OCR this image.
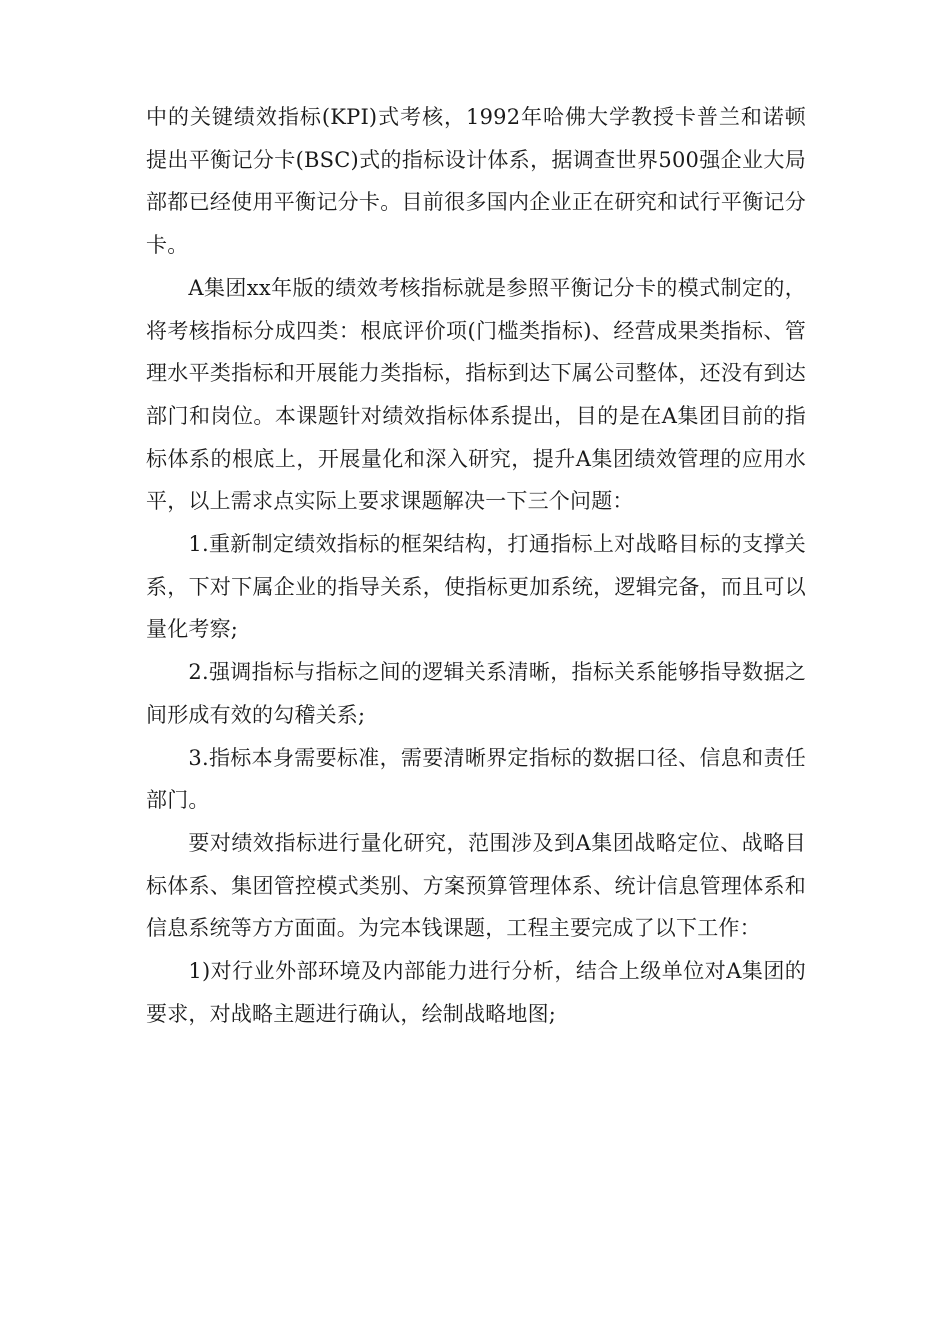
中的关键绩效指标(KPI)式考核，1992年哈佛大学教授卡普兰和诺顿提出平衡记分卡(BSC)式的指标设计体系，据调查世界500强企业大局部都已经使用平衡记分卡。目前很多国内企业正在研究和试行平衡记分卡。

A集团xx年版的绩效考核指标就是参照平衡记分卡的模式制定的，将考核指标分成四类：根底评价项(门槛类指标)、经营成果类指标、管理水平类指标和开展能力类指标，指标到达下属公司整体，还没有到达部门和岗位。本课题针对绩效指标体系提出，目的是在A集团目前的指标体系的根底上，开展量化和深入研究，提升A集团绩效管理的应用水平，以上需求点实际上要求课题解决一下三个问题：

1.重新制定绩效指标的框架结构，打通指标上对战略目标的支撑关系，下对下属企业的指导关系，使指标更加系统，逻辑完备，而且可以量化考察;

2.强调指标与指标之间的逻辑关系清晰，指标关系能够指导数据之间形成有效的勾稽关系;

3.指标本身需要标准，需要清晰界定指标的数据口径、信息和责任部门。

要对绩效指标进行量化研究，范围涉及到A集团战略定位、战略目标体系、集团管控模式类别、方案预算管理体系、统计信息管理体系和信息系统等方方面面。为完本钱课题，工程主要完成了以下工作：

1)对行业外部环境及内部能力进行分析，结合上级单位对A集团的要求，对战略主题进行确认，绘制战略地图;
